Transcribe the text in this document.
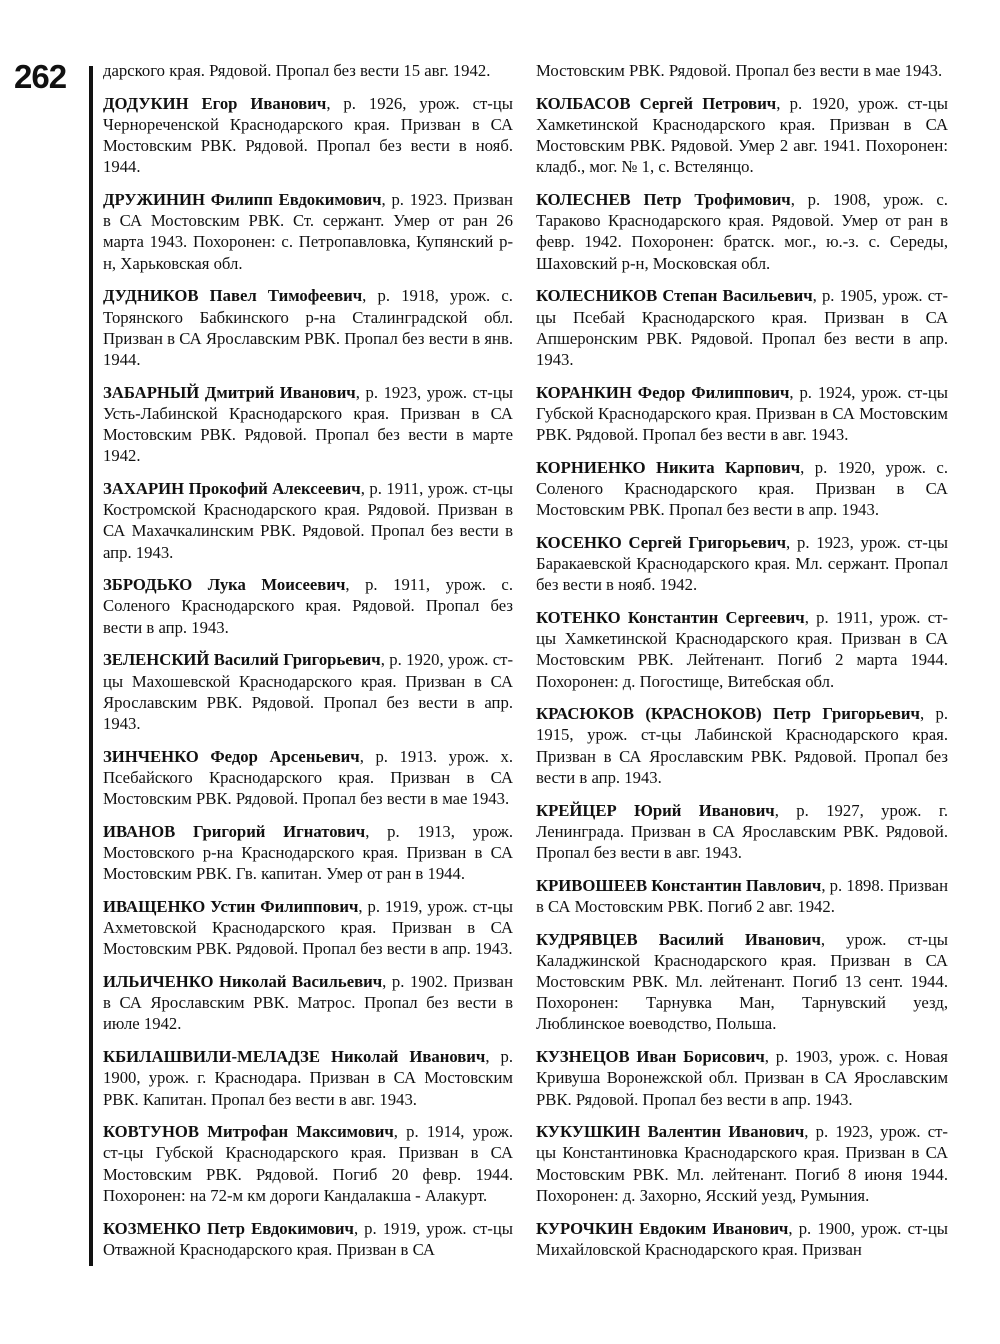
262 дарского края. Рядовой. Пропал без вести 15 авг. 1942.

ДОДУКИН Егор Иванович, р. 1926, урож. ст-цы Чернореченской Краснодарского края. Призван в СА Мостовским РВК. Рядовой. Пропал без вести в нояб. 1944.

ДРУЖИНИН Филипп Евдокимович, р. 1923. Призван в СА Мостовским РВК. Ст. сержант. Умер от ран 26 марта 1943. Похоронен: с. Петропавловка, Купянский р-н, Харьковская обл.

ДУДНИКОВ Павел Тимофеевич, р. 1918, урож. с. Торянского Бабкинского р-на Сталинградской обл. Призван в СА Ярославским РВК. Пропал без вести в янв. 1944.

ЗАБАРНЫЙ Дмитрий Иванович, р. 1923, урож. ст-цы Усть-Лабинской Краснодарского края. Призван в СА Мостовским РВК. Рядовой. Пропал без вести в марте 1942.

ЗАХАРИН Прокофий Алексеевич, р. 1911, урож. ст-цы Костромской Краснодарского края. Рядовой. Призван в СА Махачкалинским РВК. Рядовой. Пропал без вести в апр. 1943.

ЗБРОДЬКО Лука Моисеевич, р. 1911, урож. с. Соленого Краснодарского края. Рядовой. Пропал без вести в апр. 1943.

ЗЕЛЕНСКИЙ Василий Григорьевич, р. 1920, урож. ст-цы Махошевской Краснодарского края. Призван в СА Ярославским РВК. Рядовой. Пропал без вести в апр. 1943.

ЗИНЧЕНКО Федор Арсеньевич, р. 1913. урож. х. Псебайского Краснодарского края. Призван в СА Мостовским РВК. Рядовой. Пропал без вести в мае 1943.

ИВАНОВ Григорий Игнатович, р. 1913, урож. Мостовского р-на Краснодарского края. Призван в СА Мостовским РВК. Гв. капитан. Умер от ран в 1944.

ИВАЩЕНКО Устин Филиппович, р. 1919, урож. ст-цы Ахметовской Краснодарского края. Призван в СА Мостовским РВК. Рядовой. Пропал без вести в апр. 1943.

ИЛЬИЧЕНКО Николай Васильевич, р. 1902. Призван в СА Ярославским РВК. Матрос. Пропал без вести в июле 1942.

КБИЛАШВИЛИ-МЕЛАДЗЕ Николай Иванович, р. 1900, урож. г. Краснодара. Призван в СА Мостовским РВК. Капитан. Пропал без вести в авг. 1943.

КОВТУНОВ Митрофан Максимович, р. 1914, урож. ст-цы Губской Краснодарского края. Призван в СА Мостовским РВК. Рядовой. Погиб 20 февр. 1944. Похоронен: на 72-м км дороги Кандалакша - Алакурт.

КОЗМЕНКО Петр Евдокимович, р. 1919, урож. ст-цы Отважной Краснодарского края. Призван в СА

Мостовским РВК. Рядовой. Пропал без вести в мае 1943.

КОЛБАСОВ Сергей Петрович, р. 1920, урож. ст-цы Хамкетинской Краснодарского края. Призван в СА Мостовским РВК. Рядовой. Умер 2 авг. 1941. Похоронен: кладб., мог. № 1, с. Встелянцо.

КОЛЕСНЕВ Петр Трофимович, р. 1908, урож. с. Тараково Краснодарского края. Рядовой. Умер от ран в февр. 1942. Похоронен: братск. мог., ю.-з. с. Середы, Шаховский р-н, Московская обл.

КОЛЕСНИКОВ Степан Васильевич, р. 1905, урож. ст-цы Псебай Краснодарского края. Призван в СА Апшеронским РВК. Рядовой. Пропал без вести в апр. 1943.

КОРАНКИН Федор Филиппович, р. 1924, урож. ст-цы Губской Краснодарского края. Призван в СА Мостовским РВК. Рядовой. Пропал без вести в авг. 1943.

КОРНИЕНКО Никита Карпович, р. 1920, урож. с. Соленого Краснодарского края. Призван в СА Мостовским РВК. Пропал без вести в апр. 1943.

КОСЕНКО Сергей Григорьевич, р. 1923, урож. ст-цы Баракаевской Краснодарского края. Мл. сержант. Пропал без вести в нояб. 1942.

КОТЕНКО Константин Сергеевич, р. 1911, урож. ст-цы Хамкетинской Краснодарского края. Призван в СА Мостовским РВК. Лейтенант. Погиб 2 марта 1944. Похоронен: д. Погостище, Витебская обл.

КРАСЮКОВ (КРАСНОКОВ) Петр Григорьевич, р. 1915, урож. ст-цы Лабинской Краснодарского края. Призван в СА Ярославским РВК. Рядовой. Пропал без вести в апр. 1943.

КРЕЙЦЕР Юрий Иванович, р. 1927, урож. г. Ленинграда. Призван в СА Ярославским РВК. Рядовой. Пропал без вести в авг. 1943.

КРИВОШЕЕВ Константин Павлович, р. 1898. Призван в СА Мостовским РВК. Погиб 2 авг. 1942.

КУДРЯВЦЕВ Василий Иванович, урож. ст-цы Каладжинской Краснодарского края. Призван в СА Мостовским РВК. Мл. лейтенант. Погиб 13 сент. 1944. Похоронен: Тарнувка Ман, Тарнувский уезд, Люблинское воеводство, Польша.

КУЗНЕЦОВ Иван Борисович, р. 1903, урож. с. Новая Кривуша Воронежской обл. Призван в СА Ярославским РВК. Рядовой. Пропал без вести в апр. 1943.

КУКУШКИН Валентин Иванович, р. 1923, урож. ст-цы Константиновка Краснодарского края. Призван в СА Мостовским РВК. Мл. лейтенант. Погиб 8 июня 1944. Похоронен: д. Захорно, Ясский уезд, Румыния.

КУРОЧКИН Евдоким Иванович, р. 1900, урож. ст-цы Михайловской Краснодарского края. Призван
